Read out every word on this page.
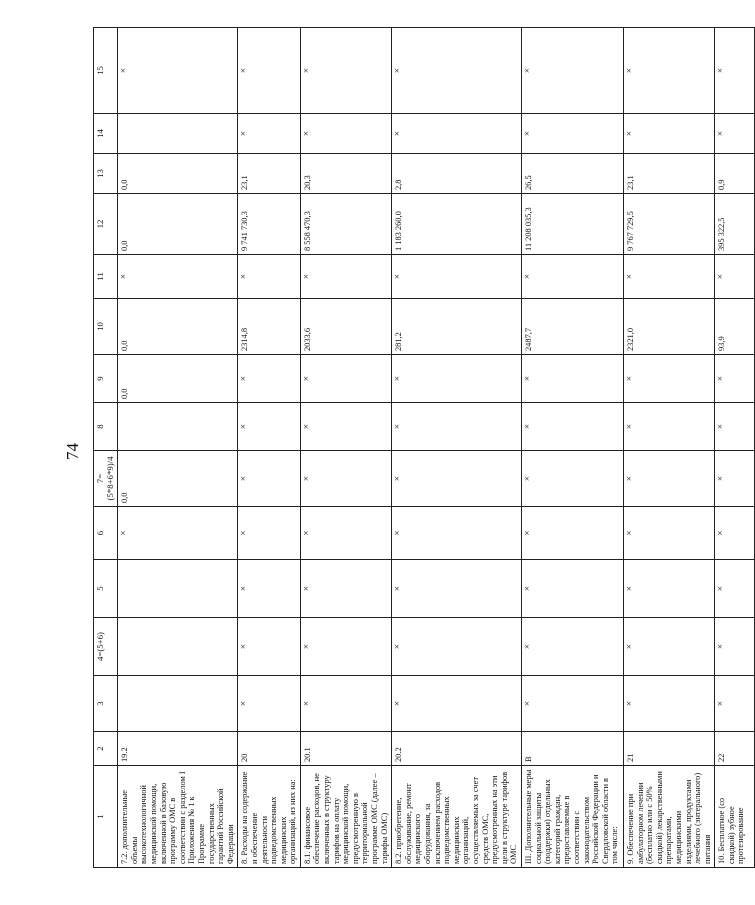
74
1	2	3	4=(5+6)	5	6	7=(5*8+6*9)/4	8	9	10	11	12	13	14	15
7.2. дополнительные объемы высокотехнологичной медицинской помощи, включенной в базовую программу ОМС в соответствии с разделом I Приложения № 1 к Программе государственных гарантий Российской Федерации	19.2				×	0,0		0,0	0,0	×	0,0	0,0		×
8. Расходы на содержание и обеспечение деятельности подведомственных медицинских организаций, из них на:	20	×	×	×	×	×	×	×	2314,8	×	9 741 730,3	23,1	×	×
8.1. финансовое обеспечение расходов, не включенных в структуру тарифов на оплату медицинской помощи, предусмотренную в территориальной программе ОМС (далее – тарифы ОМС)	20.1	×	×	×	×	×	×	×	2033,6	×	8 558 470,3	20,3	×	×
8.2. приобретение, обслуживание, ремонт медицинского оборудования, за исключением расходов подведомственных медицинских организаций, осуществляемых за счет средств ОМС, предусмотренных на эти цели в структуре тарифов ОМС	20.2	×	×	×	×	×	×	×	281,2	×	1 183 260,0	2,8	×	×
III. Дополнительные меры социальной защиты (поддержки) отдельных категорий граждан, предоставляемые в соответствии с законодательством Российской Федерации и Свердловской области в том числе:	В	×	×	×	×	×	×	×	2487,7	×	11 208 035,3	26,5	×	×
9. Обеспечение при амбулаторном лечении (бесплатно или с 50% скидкой) лекарственными препаратами, медицинскими изделиями, продуктами лечебного (энтерального) питания	21	×	×	×	×	×	×	×	2321,0	×	9 767 729,5	23,1	×	×
10. Бесплатное (со скидкой) зубное протезирование	22	×	×	×	×	×	×	×	93,9	×	395 322,5	0,9	×	×
